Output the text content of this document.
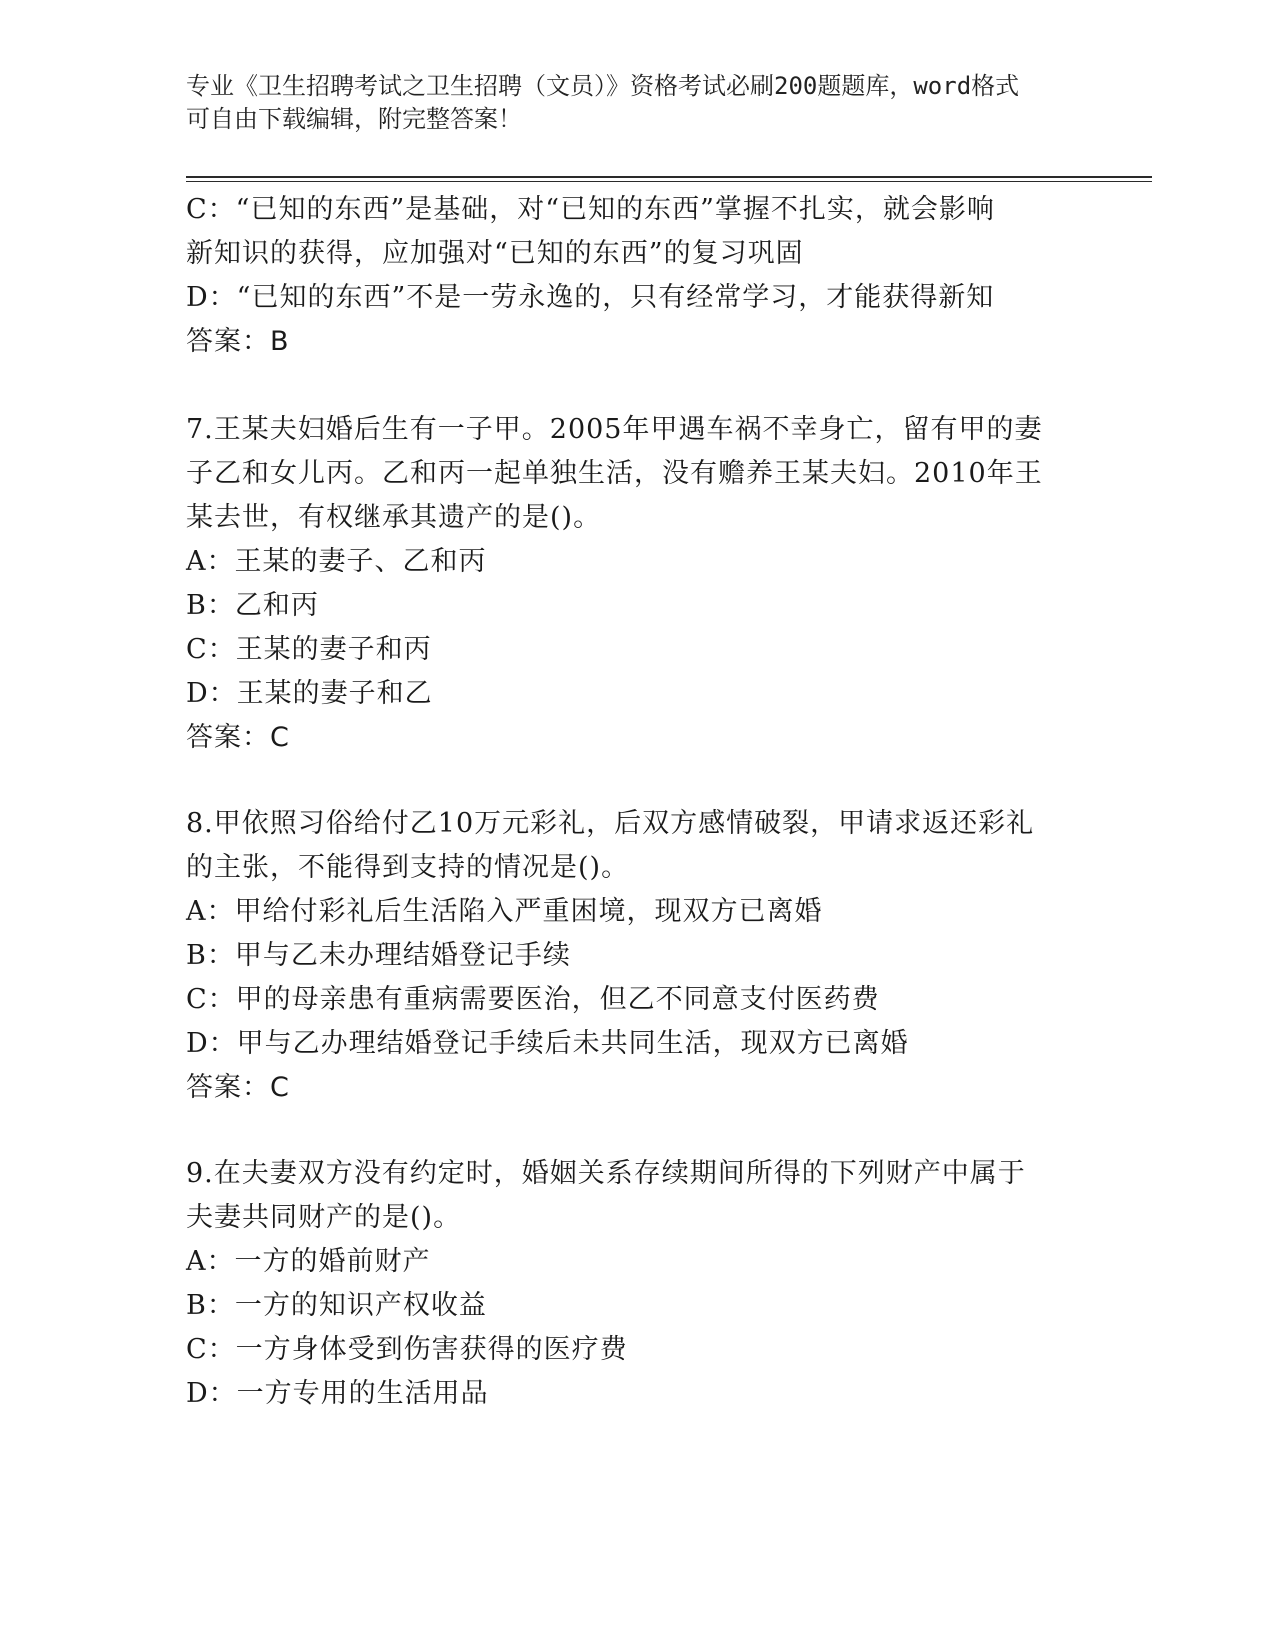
专业《卫生招聘考试之卫生招聘（文员）》资格考试必刷200题题库，word格式
可自由下载编辑，附完整答案！
C：“已知的东西”是基础，对“已知的东西”掌握不扎实，就会影响
新知识的获得，应加强对“已知的东西”的复习巩固
D：“已知的东西”不是一劳永逸的，只有经常学习，才能获得新知
答案：B
7.王某夫妇婚后生有一子甲。2005年甲遇车祸不幸身亡，留有甲的妻
子乙和女儿丙。乙和丙一起单独生活，没有赡养王某夫妇。2010年王
某去世，有权继承其遗产的是()。
A：王某的妻子、乙和丙
B：乙和丙
C：王某的妻子和丙
D：王某的妻子和乙
答案：C
8.甲依照习俗给付乙10万元彩礼，后双方感情破裂，甲请求返还彩礼
的主张，不能得到支持的情况是()。
A：甲给付彩礼后生活陷入严重困境，现双方已离婚
B：甲与乙未办理结婚登记手续
C：甲的母亲患有重病需要医治，但乙不同意支付医药费
D：甲与乙办理结婚登记手续后未共同生活，现双方已离婚
答案：C
9.在夫妻双方没有约定时，婚姻关系存续期间所得的下列财产中属于
夫妻共同财产的是()。
A：一方的婚前财产
B：一方的知识产权收益
C：一方身体受到伤害获得的医疗费
D：一方专用的生活用品
